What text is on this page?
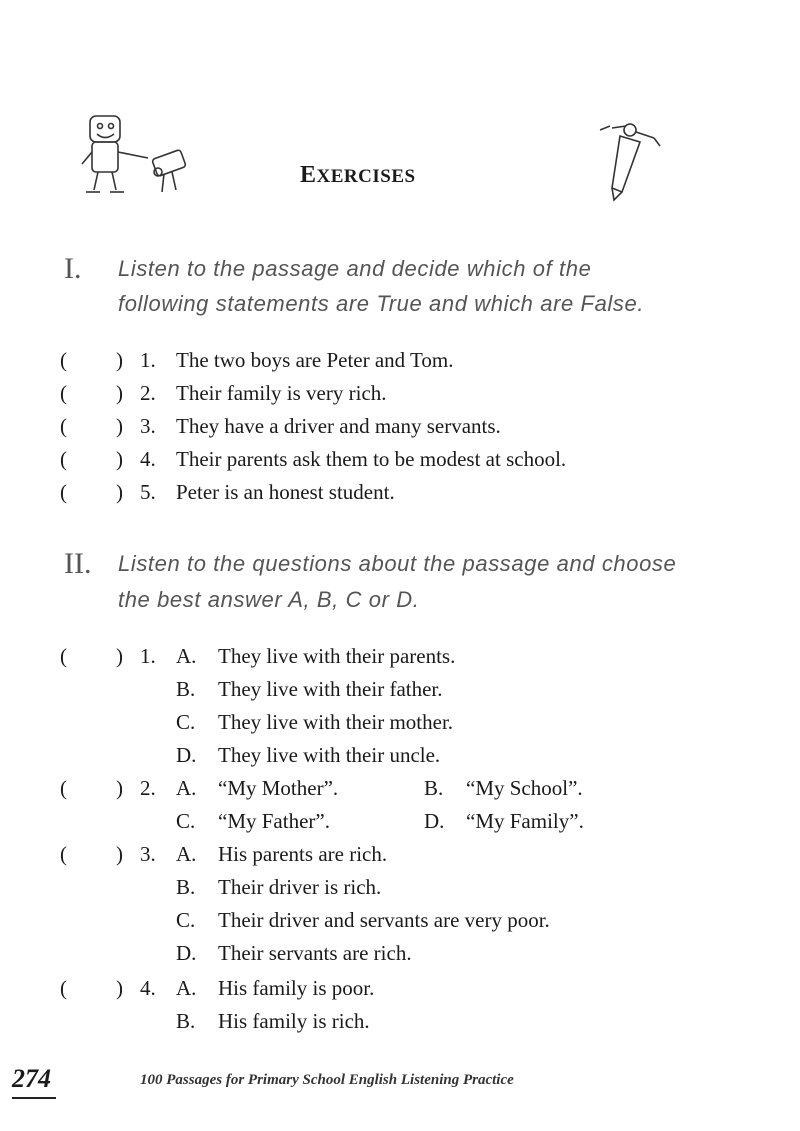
EXERCISES
I. Listen to the passage and decide which of the
following statements are True and which are False.
( ) 1. The two boys are Peter and Tom.
( ) 2. Their family is very rich.
( ) 3. They have a driver and many servants.
( ) 4. Their parents ask them to be modest at school.
( ) 5. Peter is an honest student.
II. Listen to the questions about the passage and choose
the best answer A, B, C or D.
( ) 1. A. They live with their parents.
B. They live with their father.
C. They live with their mother.
D. They live with their uncle.
( ) 2. A. “My Mother”.	B. “My School”.
C. “My Father”.	D. “My Family”.
( ) 3. A. His parents are rich.
B. Their driver is rich.
C. Their driver and servants are very poor.
D. Their servants are rich.
( ) 4. A. His family is poor.
B. His family is rich.
274	100 Passages for Primary School English Listening Practice
